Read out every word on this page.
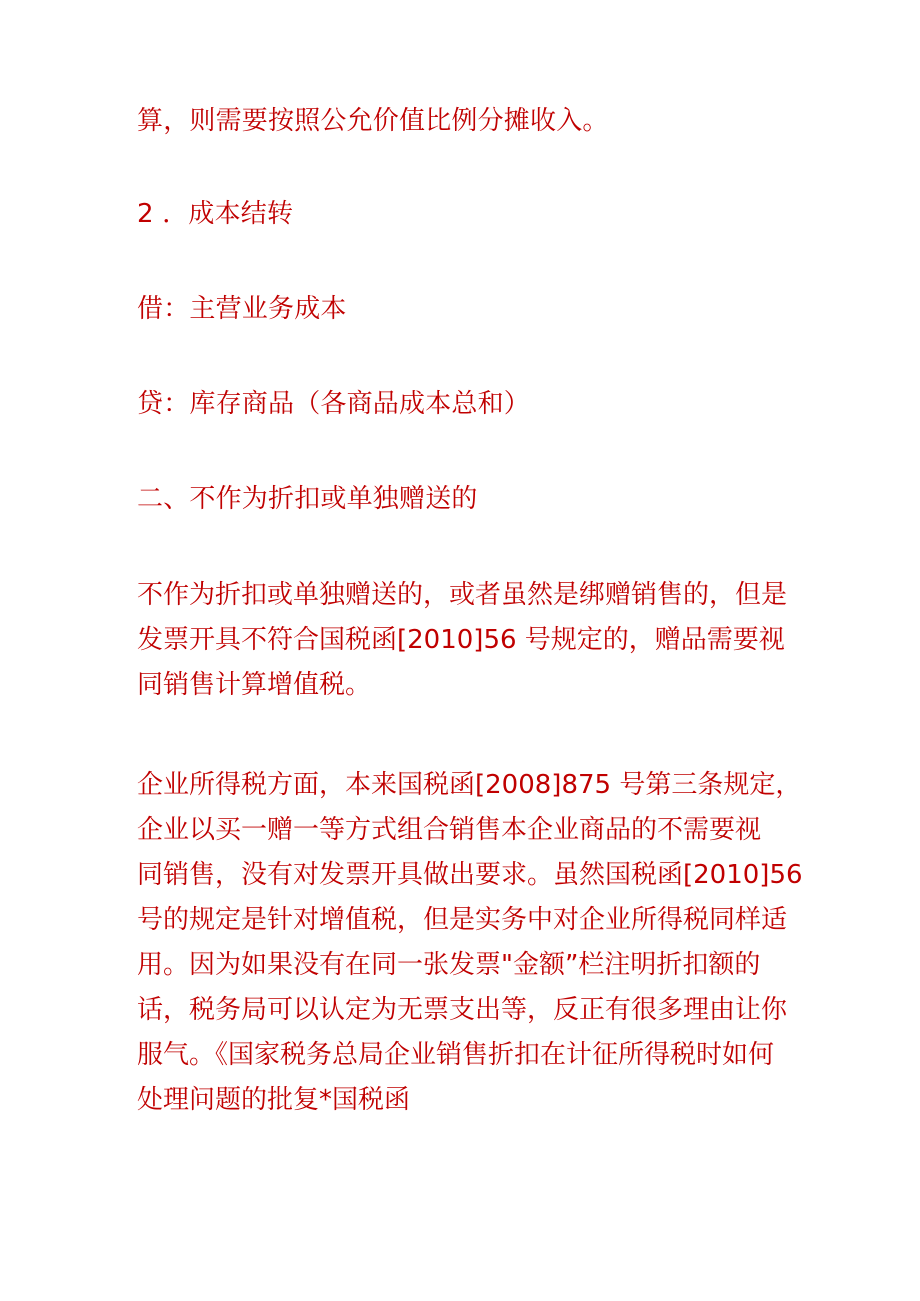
算，则需要按照公允价值比例分摊收入。

2 ．成本结转

借：主营业务成本

贷：库存商品（各商品成本总和）

二、不作为折扣或单独赠送的

不作为折扣或单独赠送的，或者虽然是绑赠销售的，但是
发票开具不符合国税函[2010]56 号规定的，赠品需要视
同销售计算增值税。
企业所得税方面，本来国税函[2008]875 号第三条规定，
企业以买一赠一等方式组合销售本企业商品的不需要视
同销售，没有对发票开具做出要求。虽然国税函[2010]56
号的规定是针对增值税，但是实务中对企业所得税同样适
用。因为如果没有在同一张发票"金额”栏注明折扣额的
话，税务局可以认定为无票支出等，反正有很多理由让你
服气。《国家税务总局企业销售折扣在计征所得税时如何
处理问题的批复*国税函
